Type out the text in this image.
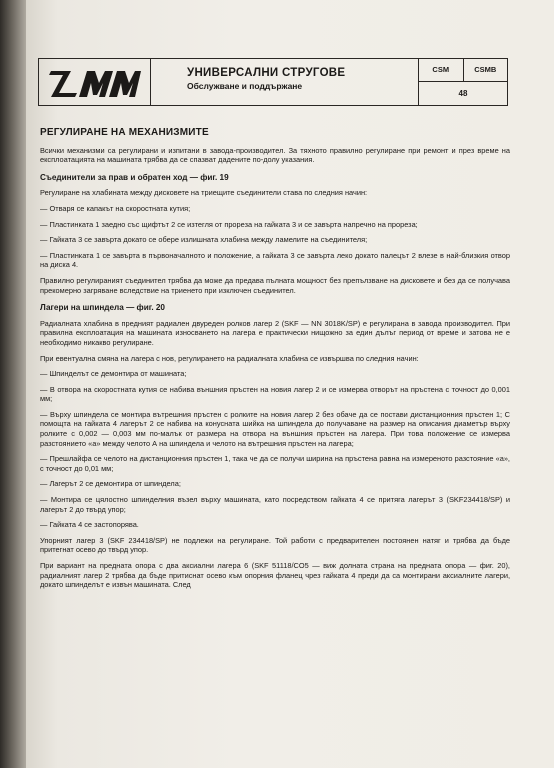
УНИВЕРСАЛНИ СТРУГОВЕ
Обслужване и поддържане
CSM	CSMB
48
РЕГУЛИРАНЕ НА МЕХАНИЗМИТЕ

Всички механизми са регулирани и изпитани в завода-производител. За тяхното правилно регулиране при ремонт и през време на експлоатацията на машината трябва да се спазват дадените по-долу указания.

Съединители за прав и обратен ход — фиг. 19

Регулиране на хлабината между дисковете на триещите съединители става по следния начин:

— Отваря се капакът на скоростната кутия;

— Пластинката 1 заедно със щифтът 2 се изтегля от прореза на гайката 3 и се завърта напречно на прореза;

— Гайката 3 се завърта докато се обере излишната хлабина между ламелите на съединителя;

— Пластинката 1 се завърта в първоначалното и положение, а гайката 3 се завърта леко докато палецът 2 влезе в най-близкия отвор на диска 4.

Правилно регулираният съединител трябва да може да предава пълната мощност без препълзване на дисковете и без да се получава прекомерно загряване вследствие на триенето при изключен съединител.

Лагери на шпиндела — фиг. 20

Радиалната хлабина в предният радиален двуреден ролков лагер 2 (SKF — NN 3018K/SP) е регулирана в завода производител. При правилна експлоатация на машината износването на лагера е практически нищожно за един дълъг период от време и затова не е необходимо никакво регулиране.

При евентуална смяна на лагера с нов, регулирането на радиалната хлабина се извършва по следния начин:

— Шпинделът се демонтира от машината;

— В отвора на скоростната кутия се набива външния пръстен на новия лагер 2 и се измерва отворът на пръстена с точност до 0,001 мм;

— Върху шпиндела се монтира вътрешния пръстен с ролките на новия лагер 2 без обаче да се постави дистанционния пръстен 1; С помощта на гайката 4 лагерът 2 се набива на конусната шийка на шпиндела до получаване на размер на описания диаметър върху ролките с 0,002 — 0,003 мм по-малък от размера на отвора на външния пръстен на лагера. При това положение се измерва разстоянието «а» между челото А на шпиндела и челото на вътрешния пръстен на лагера;

— Прешлайфа се челото на дистанционния пръстен 1, така че да се получи ширина на пръстена равна на измереното разстояние «а», с точност до 0,01 мм;

— Лагерът 2 се демонтира от шпиндела;

— Монтира се цялостно шпинделния възел върху машината, като посредством гайката 4 се притяга лагерът 3 (SKF234418/SP) и лагерът 2 до твърд упор;

— Гайката 4 се застопорява.

Упорният лагер 3 (SKF 234418/SP) не подлежи на регулиране. Той работи с предварителен постоянен натяг и трябва да бъде притегнат осево до твърд упор.

При вариант на предната опора с два аксиални лагера 6 (SKF 51118/CO5 — виж долната страна на предната опора — фиг. 20), радиалният лагер 2 трябва да бъде притиснат осево към опорния фланец чрез гайката 4 преди да са монтирани аксиалните лагери, докато шпинделът е извън машината. След
